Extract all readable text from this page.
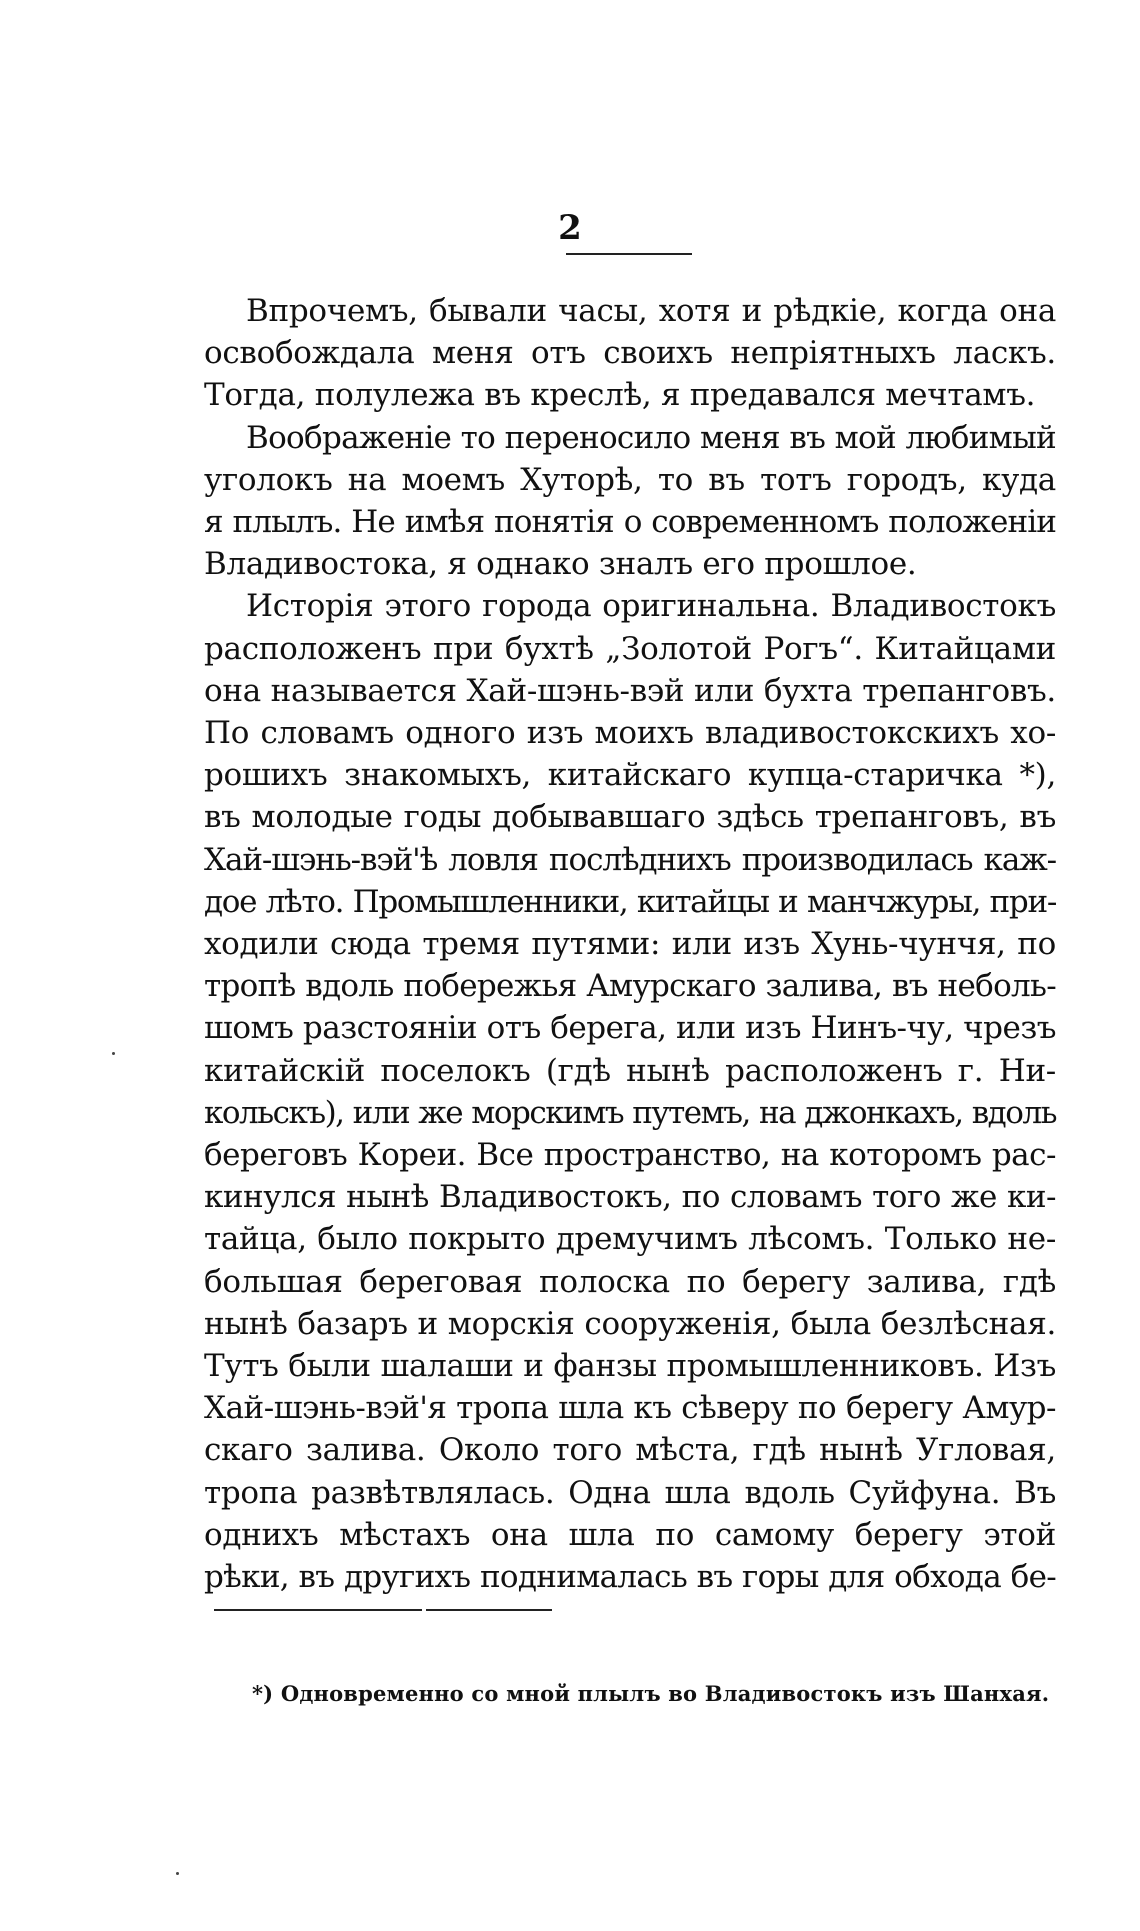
2
Впрочемъ, бывали часы, хотя и рѣдкіе, когда она
освобождала меня отъ своихъ непріятныхъ ласкъ.
Тогда, полулежа въ креслѣ, я предавался мечтамъ.
Воображеніе то переносило меня въ мой любимый
уголокъ на моемъ Хуторѣ, то въ тотъ городъ, куда
я плылъ. Не имѣя понятія о современномъ положеніи
Владивостока, я однако зналъ его прошлое.
Исторія этого города оригинальна. Владивостокъ
расположенъ при бухтѣ „Золотой Рогъ“. Китайцами
она называется Хай-шэнь-вэй или бухта трепанговъ.
По словамъ одного изъ моихъ владивостокскихъ хо-
рошихъ знакомыхъ, китайскаго купца-старичка *),
въ молодые годы добывавшаго здѣсь трепанговъ, въ
Хай-шэнь-вэй'ѣ ловля послѣднихъ производилась каж-
дое лѣто. Промышленники, китайцы и манчжуры, при-
ходили сюда тремя путями: или изъ Хунь-чунчя, по
тропѣ вдоль побережья Амурскаго залива, въ неболь-
шомъ разстояніи отъ берега, или изъ Нинъ-чу, чрезъ
китайскій поселокъ (гдѣ нынѣ расположенъ г. Ни-
кольскъ), или же морскимъ путемъ, на джонкахъ, вдоль
береговъ Кореи. Все пространство, на которомъ рас-
кинулся нынѣ Владивостокъ, по словамъ того же ки-
тайца, было покрыто дремучимъ лѣсомъ. Только не-
большая береговая полоска по берегу залива, гдѣ
нынѣ базаръ и морскія сооруженія, была безлѣсная.
Тутъ были шалаши и фанзы промышленниковъ. Изъ
Хай-шэнь-вэй'я тропа шла къ сѣверу по берегу Амур-
скаго залива. Около того мѣста, гдѣ нынѣ Угловая,
тропа развѣтвлялась. Одна шла вдоль Суйфуна. Въ
однихъ мѣстахъ она шла по самому берегу этой
рѣки, въ другихъ поднималась въ горы для обхода бе-
*) Одновременно со мной плылъ во Владивостокъ изъ Шанхая.
